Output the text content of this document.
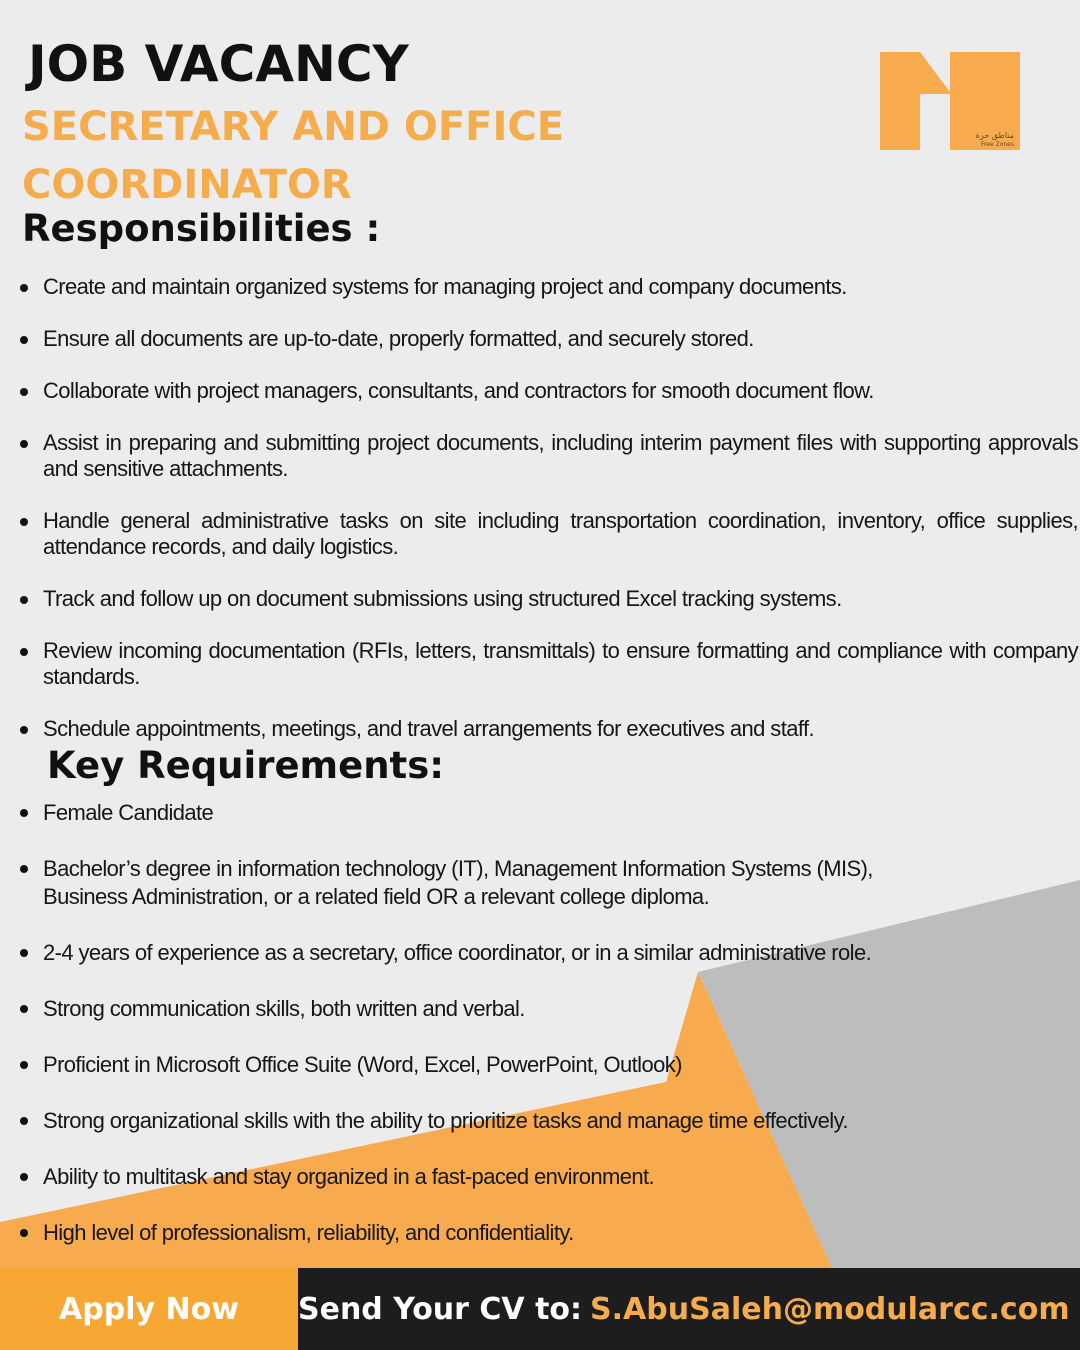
JOB VACANCY
SECRETARY AND OFFICE
COORDINATOR
مناطق حرة
Free Zones
Responsibilities :
Create and maintain organized systems for managing project and company documents.
Ensure all documents are up-to-date, properly formatted, and securely stored.
Collaborate with project managers, consultants, and contractors for smooth document flow.
Assist in preparing and submitting project documents, including interim payment files with supporting approvals and sensitive attachments.
Handle general administrative tasks on site including transportation coordination, inventory, office supplies, attendance records, and daily logistics.
Track and follow up on document submissions using structured Excel tracking systems.
Review incoming documentation (RFIs, letters, transmittals) to ensure formatting and compliance with company standards.
Schedule appointments, meetings, and travel arrangements for executives and staff.
Key Requirements:
Female Candidate
Bachelor’s degree in information technology (IT), Management Information Systems (MIS), Business Administration, or a related field OR a relevant college diploma.
2-4 years of experience as a secretary, office coordinator, or in a similar administrative role.
Strong communication skills, both written and verbal.
Proficient in Microsoft Office Suite (Word, Excel, PowerPoint, Outlook)
Strong organizational skills with the ability to prioritize tasks and manage time effectively.
Ability to multitask and stay organized in a fast-paced environment.
High level of professionalism, reliability, and confidentiality.
Apply Now	Send Your CV to: S.AbuSaleh@modularcc.com
